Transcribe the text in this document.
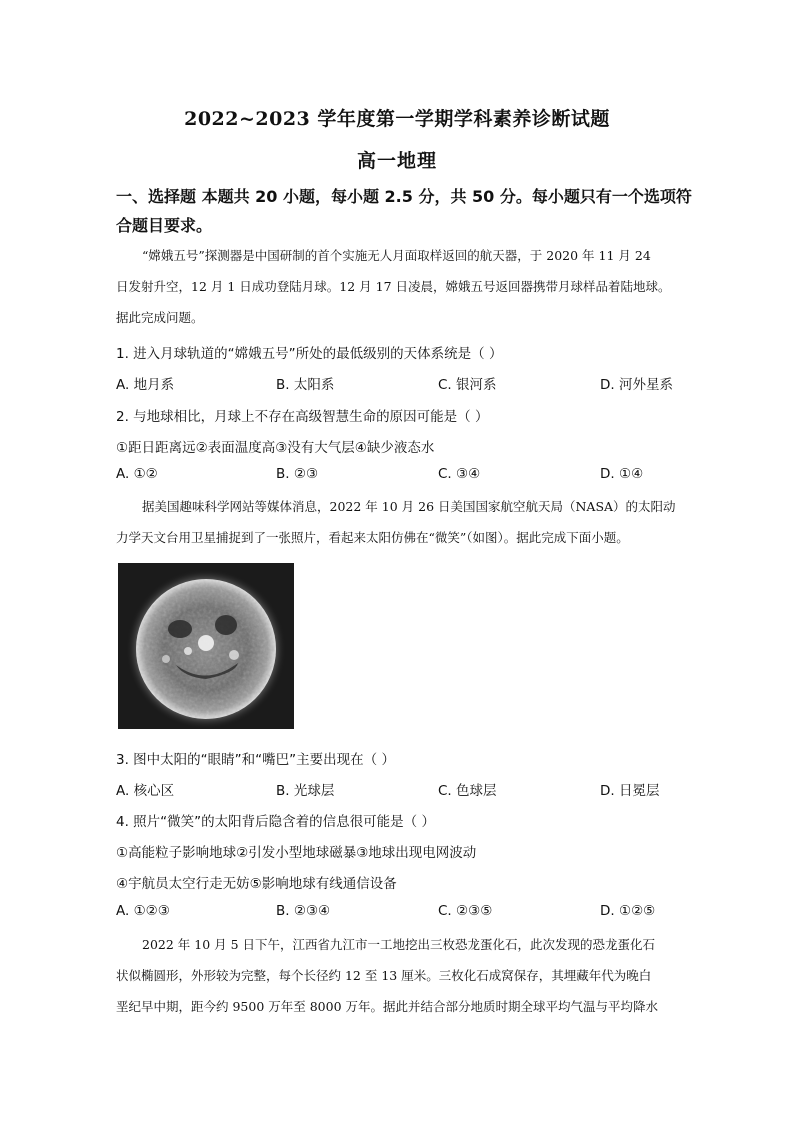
2022~2023 学年度第一学期学科素养诊断试题
高一地理
一、选择题 本题共 20 小题，每小题 2.5 分，共 50 分。每小题只有一个选项符合题目要求。
“嫦娥五号”探测器是中国研制的首个实施无人月面取样返回的航天器，于 2020 年 11 月 24
日发射升空，12 月 1 日成功登陆月球。12 月 17 日凌晨，嫦娥五号返回器携带月球样品着陆地球。
据此完成问题。
1. 进入月球轨道的“嫦娥五号”所处的最低级别的天体系统是（ ）
A. 地月系	B. 太阳系	C. 银河系	D. 河外星系
2. 与地球相比，月球上不存在高级智慧生命的原因可能是（ ）
①距日距离远②表面温度高③没有大气层④缺少液态水
A. ①②	B. ②③	C. ③④	D. ①④
据美国趣味科学网站等媒体消息，2022 年 10 月 26 日美国国家航空航天局（NASA）的太阳动
力学天文台用卫星捕捉到了一张照片，看起来太阳仿佛在“微笑”（如图）。据此完成下面小题。
3. 图中太阳的“眼睛”和“嘴巴”主要出现在（ ）
A. 核心区	B. 光球层	C. 色球层	D. 日冕层
4. 照片“微笑”的太阳背后隐含着的信息很可能是（ ）
①高能粒子影响地球②引发小型地球磁暴③地球出现电网波动
④宇航员太空行走无妨⑤影响地球有线通信设备
A. ①②③	B. ②③④	C. ②③⑤	D. ①②⑤
2022 年 10 月 5 日下午，江西省九江市一工地挖出三枚恐龙蛋化石，此次发现的恐龙蛋化石
状似椭圆形，外形较为完整，每个长径约 12 至 13 厘米。三枚化石成窝保存，其埋藏年代为晚白
垩纪早中期，距今约 9500 万年至 8000 万年。据此并结合部分地质时期全球平均气温与平均降水
